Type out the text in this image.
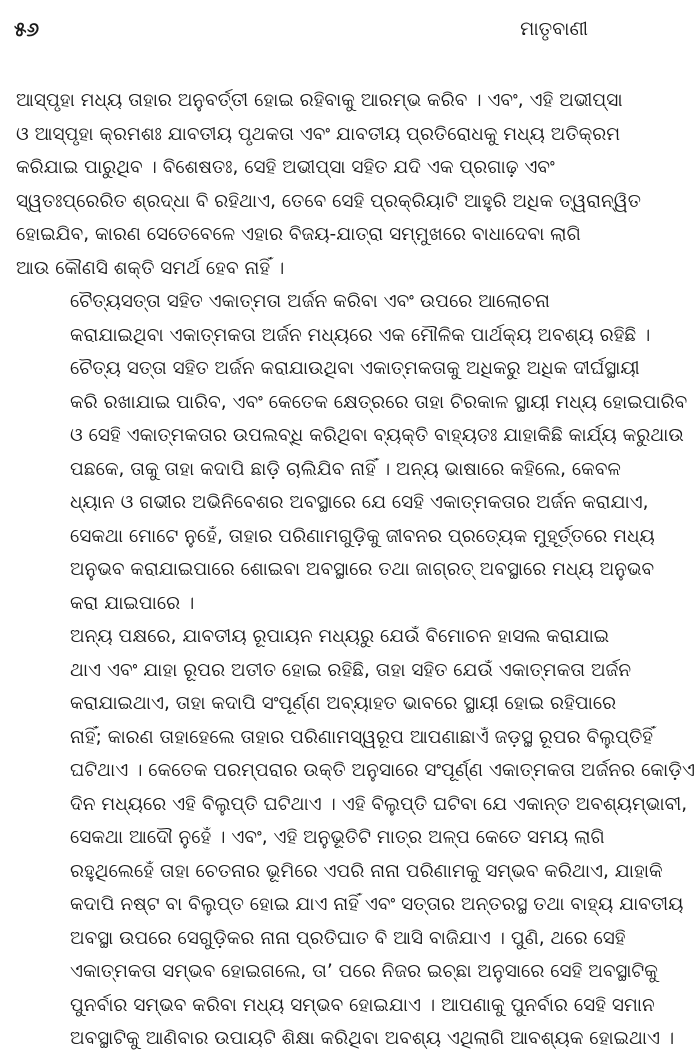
୫୬	ମାତୃବାଣୀ

ଆସ୍ପୃହା ମଧ୍ୟ ତାହାର ଅନୁବର୍ତ୍ତୀ ହୋଇ ରହିବାକୁ ଆରମ୍ଭ କରିବ । ଏବଂ, ଏହି ଅଭୀପ୍ସା
ଓ ଆସ୍ପୃହା କ୍ରମଶଃ ଯାବତୀୟ ପୃଥକତା ଏବଂ ଯାବତୀୟ ପ୍ରତିରୋଧକୁ ମଧ୍ୟ ଅତିକ୍ରମ
କରିଯାଇ ପାରୁଥିବ । ବିଶେଷତଃ, ସେହି ଅଭୀପ୍ସା ସହିତ ଯଦି ଏକ ପ୍ରଗାଢ଼ ଏବଂ
ସ୍ୱତଃପ୍ରେରିତ ଶ୍ରଦ୍ଧା ବି ରହିଥାଏ, ତେବେ ସେହି ପ୍ରକ୍ରିୟାଟି ଆହୁରି ଅଧିକ ତ୍ୱରାନ୍ୱିତ
ହୋଇଯିବ, କାରଣ ସେତେବେଳେ ଏହାର ବିଜୟ-ଯାତ୍ରା ସମ୍ମୁଖରେ ବାଧାଦେବା ଲାଗି
ଆଉ କୌଣସି ଶକ୍ତି ସମର୍ଥ ହେବ ନାହିଁ ।

ଚୈତ୍ୟସତ୍ତା ସହିତ ଏକାତ୍ମତା ଅର୍ଜନ କରିବା ଏବଂ ଉପରେ ଆଲୋଚନା
କରାଯାଇଥିବା ଏକାତ୍ମକତା ଅର୍ଜନ ମଧ୍ୟରେ ଏକ ମୌଳିକ ପାର୍ଥକ୍ୟ ଅବଶ୍ୟ ରହିଛି ।
ଚୈତ୍ୟ ସତ୍ତା ସହିତ ଅର୍ଜନ କରାଯାଉଥିବା ଏକାତ୍ମକତାକୁ ଅଧିକରୁ ଅଧିକ ଦୀର୍ଘସ୍ଥାୟୀ
କରି ରଖାଯାଇ ପାରିବ, ଏବଂ କେତେକ କ୍ଷେତ୍ରରେ ତାହା ଚିରକାଳ ସ୍ଥାୟୀ ମଧ୍ୟ ହୋଇପାରିବ
ଓ ସେହି ଏକାତ୍ମକତାର ଉପଲବ୍ଧି କରିଥିବା ବ୍ୟକ୍ତି ବାହ୍ୟତଃ ଯାହାକିଛି କାର୍ଯ୍ୟ କରୁଥାଉ
ପଛକେ, ତାକୁ ତାହା କଦାପି ଛାଡ଼ି ଚାଲିଯିବ ନାହିଁ । ଅନ୍ୟ ଭାଷାରେ କହିଲେ, କେବଳ
ଧ୍ୟାନ ଓ ଗଭୀର ଅଭିନିବେଶର ଅବସ୍ଥାରେ ଯେ ସେହି ଏକାତ୍ମକତାର ଅର୍ଜନ କରାଯାଏ,
ସେକଥା ମୋଟେ ନୁହେଁ, ତାହାର ପରିଣାମଗୁଡ଼ିକୁ ଜୀବନର ପ୍ରତ୍ୟେକ ମୁହୂର୍ତ୍ତରେ ମଧ୍ୟ
ଅନୁଭବ କରାଯାଇପାରେ ଶୋଇବା ଅବସ୍ଥାରେ ତଥା ଜାଗ୍ରତ୍‌ ଅବସ୍ଥାରେ ମଧ୍ୟ ଅନୁଭବ
କରା ଯାଇପାରେ ।

ଅନ୍ୟ ପକ୍ଷରେ, ଯାବତୀୟ ରୂପାୟନ ମଧ୍ୟରୁ ଯେଉଁ ବିମୋଚନ ହାସଲ କରାଯାଇ
ଥାଏ ଏବଂ ଯାହା ରୂପର ଅତୀତ ହୋଇ ରହିଛି, ତାହା ସହିତ ଯେଉଁ ଏକାତ୍ମକତା ଅର୍ଜନ
କରାଯାଇଥାଏ, ତାହା କଦାପି ସଂପୂର୍ଣ୍ଣ ଅବ୍ୟାହତ ଭାବରେ ସ୍ଥାୟୀ ହୋଇ ରହିପାରେ
ନାହିଁ; କାରଣ ତାହାହେଲେ ତାହାର ପରିଣାମସ୍ୱରୂପ ଆପଣାଛାଏଁ ଜଡ଼ସ୍ଥ ରୂପର ବିଲୁପ୍ତିହିଁ
ଘଟିଥାଏ । କେତେକ ପରମ୍ପରାର ଉକ୍ତି ଅନୁସାରେ ସଂପୂର୍ଣ୍ଣ ଏକାତ୍ମକତା ଅର୍ଜନର କୋଡ଼ିଏ
ଦିନ ମଧ୍ୟରେ ଏହି ବିଲୁପ୍ତି ଘଟିଥାଏ । ଏହି ବିଲୁପ୍ତି ଘଟିବା ଯେ ଏକାନ୍ତ ଅବଶ୍ୟମ୍ଭାବୀ,
ସେକଥା ଆଦୌ ନୁହେଁ । ଏବଂ, ଏହି ଅନୁଭୂତିଟି ମାତ୍ର ଅଳ୍ପ କେତେ ସମୟ ଲାଗି
ରହୁଥିଲେହେଁ ତାହା ଚେତନାର ଭୂମିରେ ଏପରି ନାନା ପରିଣାମକୁ ସମ୍ଭବ କରିଥାଏ, ଯାହାକି
କଦାପି ନଷ୍ଟ ବା ବିଲୁପ୍ତ ହୋଇ ଯାଏ ନାହିଁ ଏବଂ ସତ୍ତାର ଅନ୍ତରସ୍ଥ ତଥା ବାହ୍ୟ ଯାବତୀୟ
ଅବସ୍ଥା ଉପରେ ସେଗୁଡ଼ିକର ନାନା ପ୍ରତିଘାତ ବି ଆସି ବାଜିଯାଏ । ପୁଣି, ଥରେ ସେହି
ଏକାତ୍ମକତା ସମ୍ଭବ ହୋଇଗଲେ, ତା’ ପରେ ନିଜର ଇଚ୍ଛା ଅନୁସାରେ ସେହି ଅବସ୍ଥାଟିକୁ
ପୁନର୍ବାର ସମ୍ଭବ କରିବା ମଧ୍ୟ ସମ୍ଭବ ହୋଇଯାଏ । ଆପଣାକୁ ପୁନର୍ବାର ସେହି ସମାନ
ଅବସ୍ଥାଟିକୁ ଆଣିବାର ଉପାୟଟି ଶିକ୍ଷା କରିଥିବା ଅବଶ୍ୟ ଏଥିଲାଗି ଆବଶ୍ୟକ ହୋଇଥାଏ ।
